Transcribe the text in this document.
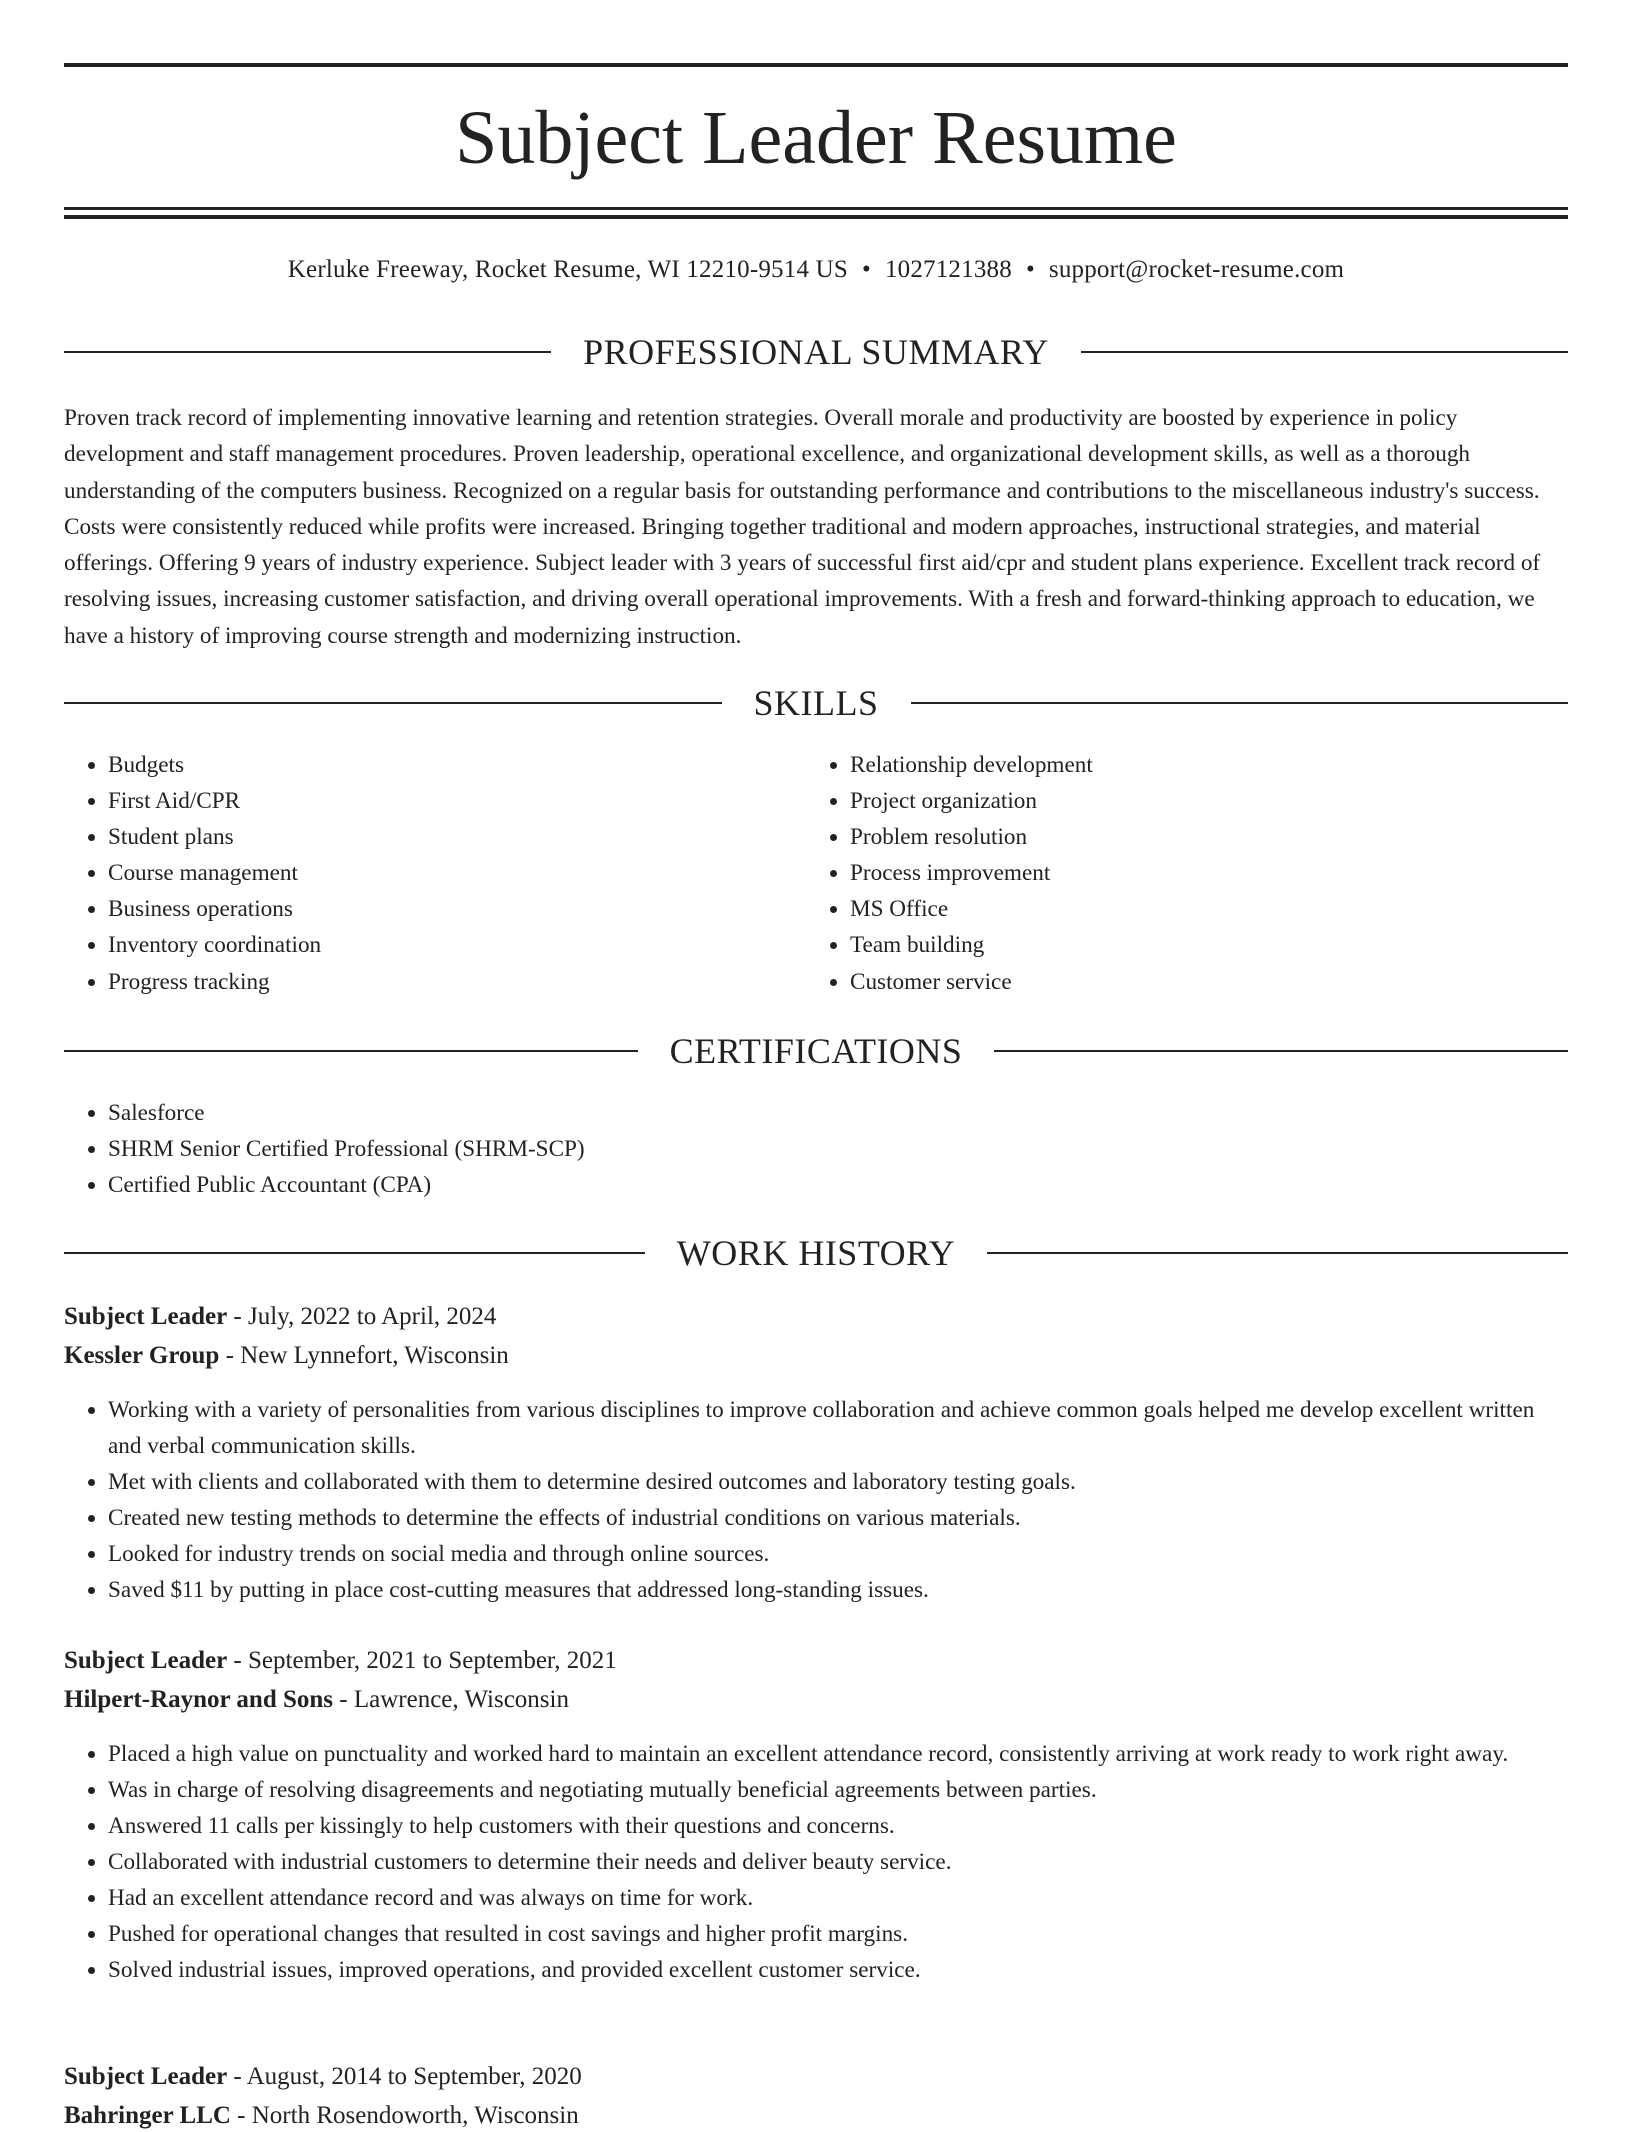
Subject Leader Resume
Kerluke Freeway, Rocket Resume, WI 12210-9514 US • 1027121388 • support@rocket-resume.com
PROFESSIONAL SUMMARY

Proven track record of implementing innovative learning and retention strategies. Overall morale and productivity are boosted by experience in policy development and staff management procedures. Proven leadership, operational excellence, and organizational development skills, as well as a thorough understanding of the computers business. Recognized on a regular basis for outstanding performance and contributions to the miscellaneous industry's success. Costs were consistently reduced while profits were increased. Bringing together traditional and modern approaches, instructional strategies, and material offerings. Offering 9 years of industry experience. Subject leader with 3 years of successful first aid/cpr and student plans experience. Excellent track record of resolving issues, increasing customer satisfaction, and driving overall operational improvements. With a fresh and forward-thinking approach to education, we have a history of improving course strength and modernizing instruction.

SKILLS
• Budgets
• First Aid/CPR
• Student plans
• Course management
• Business operations
• Inventory coordination
• Progress tracking
• Relationship development
• Project organization
• Problem resolution
• Process improvement
• MS Office
• Team building
• Customer service
CERTIFICATIONS
• Salesforce
• SHRM Senior Certified Professional (SHRM-SCP)
• Certified Public Accountant (CPA)
WORK HISTORY
Subject Leader - July, 2022 to April, 2024
Kessler Group - New Lynnefort, Wisconsin
• Working with a variety of personalities from various disciplines to improve collaboration and achieve common goals helped me develop excellent written and verbal communication skills.
• Met with clients and collaborated with them to determine desired outcomes and laboratory testing goals.
• Created new testing methods to determine the effects of industrial conditions on various materials.
• Looked for industry trends on social media and through online sources.
• Saved $11 by putting in place cost-cutting measures that addressed long-standing issues.
Subject Leader - September, 2021 to September, 2021
Hilpert-Raynor and Sons - Lawrence, Wisconsin
• Placed a high value on punctuality and worked hard to maintain an excellent attendance record, consistently arriving at work ready to work right away.
• Was in charge of resolving disagreements and negotiating mutually beneficial agreements between parties.
• Answered 11 calls per kissingly to help customers with their questions and concerns.
• Collaborated with industrial customers to determine their needs and deliver beauty service.
• Had an excellent attendance record and was always on time for work.
• Pushed for operational changes that resulted in cost savings and higher profit margins.
• Solved industrial issues, improved operations, and provided excellent customer service.
Subject Leader - August, 2014 to September, 2020
Bahringer LLC - North Rosendoworth, Wisconsin
